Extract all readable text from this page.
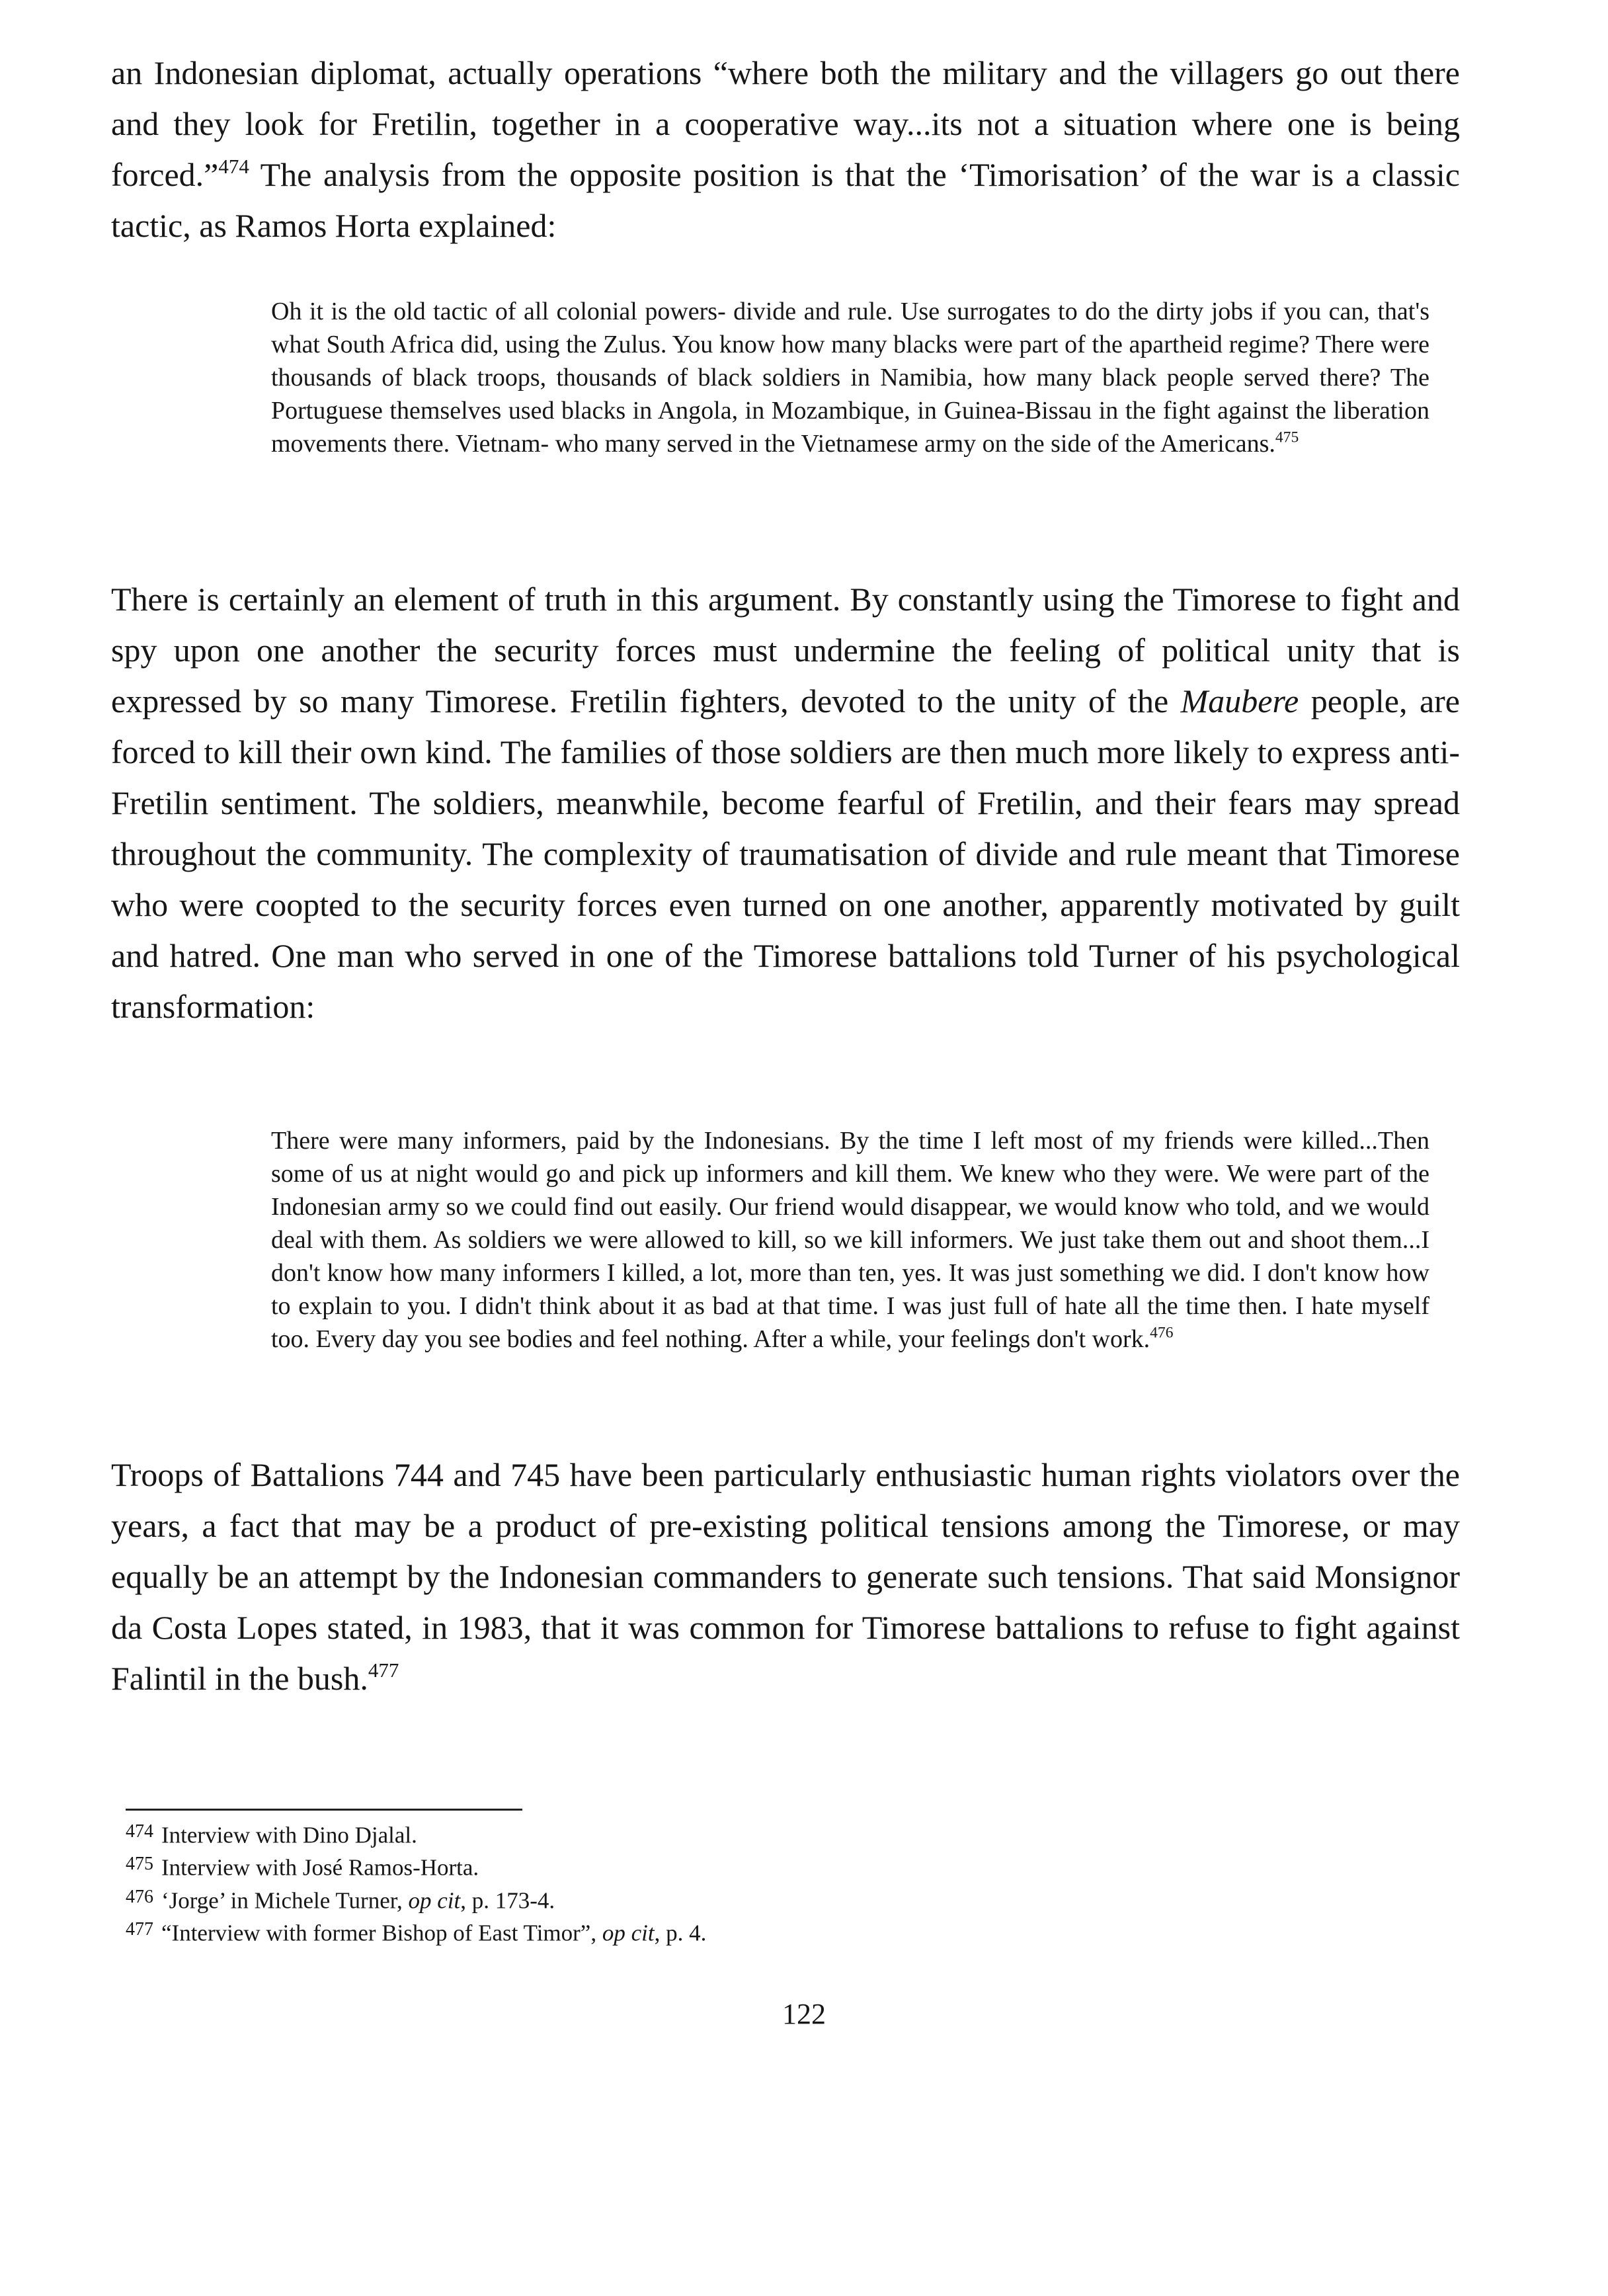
an Indonesian diplomat, actually operations “where both the military and the villagers go out there and they look for Fretilin, together in a cooperative way...its not a situation where one is being forced.”$^{474}$ The analysis from the opposite position is that the ‘Timorisation’ of the war is a classic tactic, as Ramos Horta explained:

Oh it is the old tactic of all colonial powers- divide and rule. Use surrogates to do the dirty jobs if you can, that's what South Africa did, using the Zulus. You know how many blacks were part of the apartheid regime? There were thousands of black troops, thousands of black soldiers in Namibia, how many black people served there? The Portuguese themselves used blacks in Angola, in Mozambique, in Guinea-Bissau in the fight against the liberation movements there. Vietnam- who many served in the Vietnamese army on the side of the Americans.$^{475}$

There is certainly an element of truth in this argument. By constantly using the Timorese to fight and spy upon one another the security forces must undermine the feeling of political unity that is expressed by so many Timorese. Fretilin fighters, devoted to the unity of the Maubere people, are forced to kill their own kind. The families of those soldiers are then much more likely to express anti-Fretilin sentiment. The soldiers, meanwhile, become fearful of Fretilin, and their fears may spread throughout the community. The complexity of traumatisation of divide and rule meant that Timorese who were coopted to the security forces even turned on one another, apparently motivated by guilt and hatred. One man who served in one of the Timorese battalions told Turner of his psychological transformation:

There were many informers, paid by the Indonesians. By the time I left most of my friends were killed...Then some of us at night would go and pick up informers and kill them. We knew who they were. We were part of the Indonesian army so we could find out easily. Our friend would disappear, we would know who told, and we would deal with them. As soldiers we were allowed to kill, so we kill informers. We just take them out and shoot them...I don't know how many informers I killed, a lot, more than ten, yes. It was just something we did. I don't know how to explain to you. I didn't think about it as bad at that time. I was just full of hate all the time then. I hate myself too. Every day you see bodies and feel nothing. After a while, your feelings don't work.$^{476}$

Troops of Battalions 744 and 745 have been particularly enthusiastic human rights violators over the years, a fact that may be a product of pre-existing political tensions among the Timorese, or may equally be an attempt by the Indonesian commanders to generate such tensions. That said Monsignor da Costa Lopes stated, in 1983, that it was common for Timorese battalions to refuse to fight against Falintil in the bush.$^{477}$

$^{474}$ Interview with Dino Djalal.
$^{475}$ Interview with José Ramos-Horta.
$^{476}$ ‘Jorge’ in Michele Turner, op cit, p. 173-4.
$^{477}$ “Interview with former Bishop of East Timor”, op cit, p. 4.
122
